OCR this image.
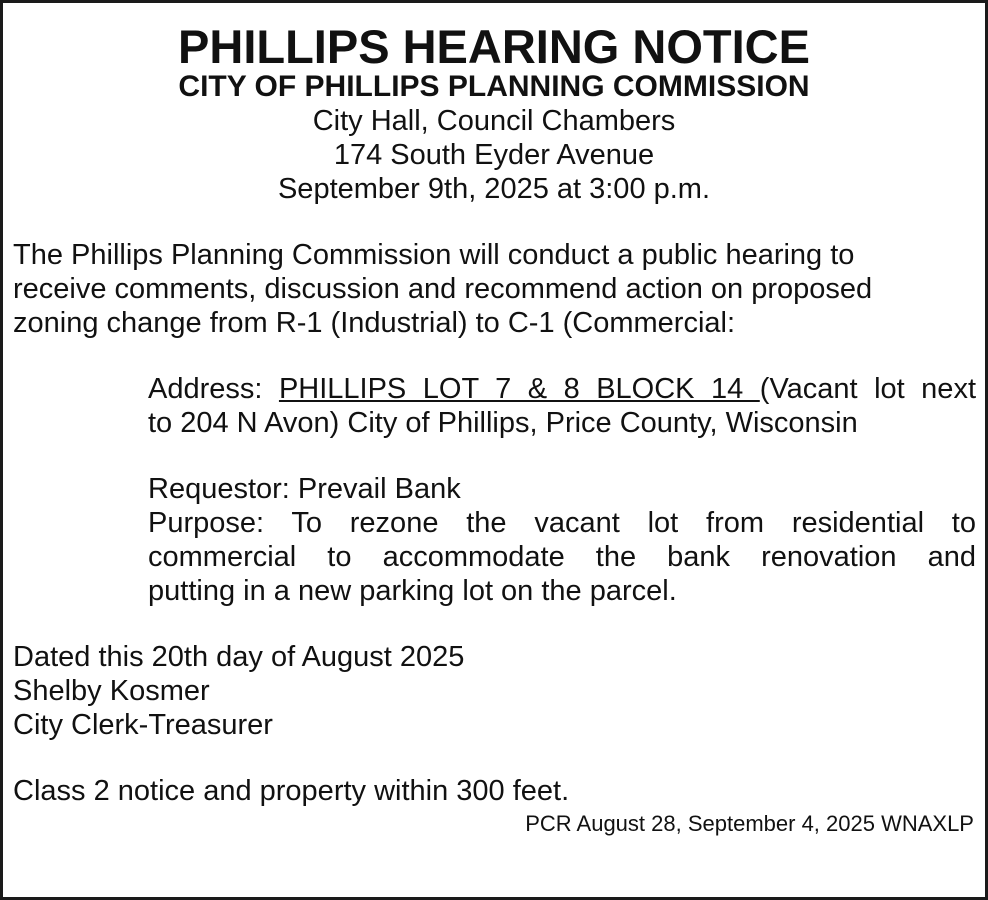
PHILLIPS HEARING NOTICE
CITY OF PHILLIPS PLANNING COMMISSION

City Hall, Council Chambers

174 South Eyder Avenue

September 9th, 2025 at 3:00 p.m.

The Phillips Planning Commission will conduct a public hearing to

receive comments, discussion and recommend action on proposed

zoning change from R-1 (Industrial) to C-1 (Commercial:

Address: PHILLIPS LOT 7 & 8 BLOCK 14 (Vacant lot next

to 204 N Avon) City of Phillips, Price County, Wisconsin

Requestor: Prevail Bank

Purpose: To rezone the vacant lot from residential to

commercial to accommodate the bank renovation and

putting in a new parking lot on the parcel.

Dated this 20th day of August 2025

Shelby Kosmer

City Clerk-Treasurer

Class 2 notice and property within 300 feet.

PCR August 28, September 4, 2025 WNAXLP
